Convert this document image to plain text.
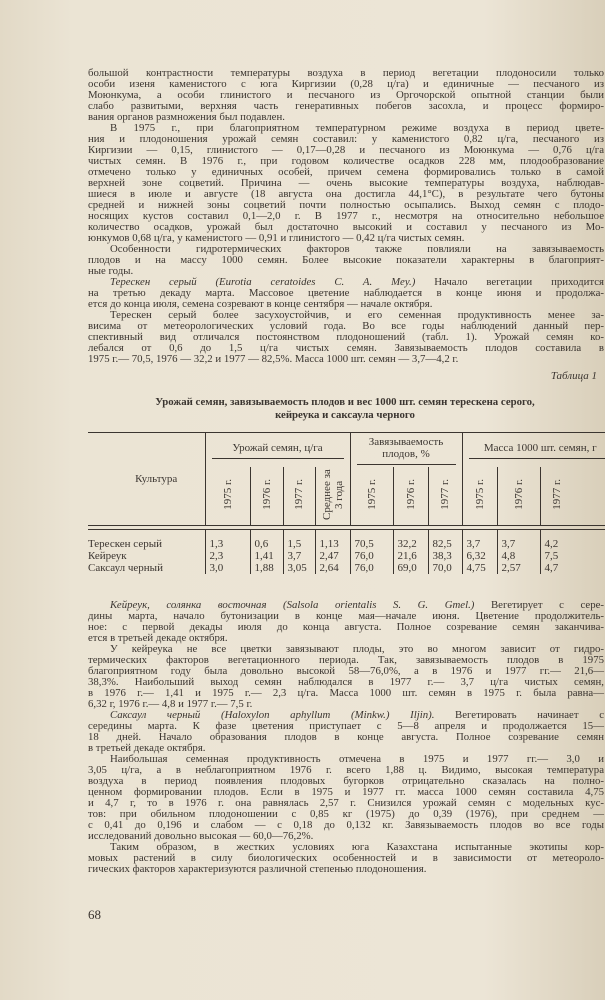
большой контрастности температуры воздуха в период вегетации плодоносили только
особи изеня каменистого с юга Киргизии (0,28 ц/га) и единичные — песчаного из
Моюнкума, а особи глинистого и песчаного из Оргочорской опытной станции были
слабо развитыми, верхняя часть генеративных побегов засохла, и процесс формиро-
вания органов размножения был подавлен.
В 1975 г., при благоприятном температурном режиме воздуха в период цвете-
ния и плодоношения урожай семян составил: у каменистого 0,82 ц/га, песчаного из
Киргизии — 0,15, глинистого — 0,17—0,28 и песчаного из Моюнкума — 0,76 ц/га
чистых семян. В 1976 г., при годовом количестве осадков 228 мм, плодообразование
отмечено только у единичных особей, причем семена формировались только в самой
верхней зоне соцветий. Причина — очень высокие температуры воздуха, наблюдав-
шиеся в июле и августе (18 августа она достигла 44,1°С), в результате чего бутоны
средней и нижней зоны соцветий почти полностью осыпались. Выход семян с плодо-
носящих кустов составил 0,1—2,0 г. В 1977 г., несмотря на относительно небольшое
количество осадков, урожай был достаточно высокий и составил у песчаного из Мо-
юнкумов 0,68 ц/га, у каменистого — 0,91 и глинистого — 0,42 ц/га чистых семян.
Особенности гидротермических факторов также повлияли на завязываемость
плодов и на массу 1000 семян. Более высокие показатели характерны в благоприят-
ные годы.
Терескен серый (Eurotia ceratoides C. A. Mey.) Начало вегетации приходится
на третью декаду марта. Массовое цветение наблюдается в конце июня и продолжа-
ется до конца июля, семена созревают в конце сентября — начале октября.
Терескен серый более засухоустойчив, и его семенная продуктивность менее за-
висима от метеорологических условий года. Во все годы наблюдений данный пер-
спективный вид отличался постоянством плодоношений (табл. 1). Урожай семян ко-
лебался от 0,6 до 1,5 ц/га чистых семян. Завязываемость плодов составила в
1975 г.— 70,5, 1976 — 32,2 и 1977 — 82,5%. Масса 1000 шт. семян — 3,7—4,2 г.
Таблица 1
Урожай семян, завязываемость плодов и вес 1000 шт. семян терескена серого,
кейреука и саксаула черного
Культура	Урожай семян, ц/га				Завязываемость плодов, %			Масса 1000 шт. семян, г		

	1975 г.	1976 г.	1977 г.	Среднее за 3 года	1975 г.	1976 г.	1977 г.	1975 г.	1976 г.	1977 г.

Терескен серый	1,3	0,6	1,5	1,13	70,5	32,2	82,5	3,7	3,7	4,2
Кейреук	2,3	1,41	3,7	2,47	76,0	21,6	38,3	6,32	4,8	7,5
Саксаул черный	3,0	1,88	3,05	2,64	76,0	69,0	70,0	4,75	2,57	4,7
Кейреук, солянка восточная (Salsola orientalis S. G. Gmel.) Вегетирует с сере-
дины марта, начало бутонизации в конце мая—начале июня. Цветение продолжитель-
ное: с первой декады июля до конца августа. Полное созревание семян заканчива-
ется в третьей декаде октября.
У кейреука не все цветки завязывают плоды, это во многом зависит от гидро-
термических факторов вегетационного периода. Так, завязываемость плодов в 1975
благоприятном году была довольно высокой 58—76,0%, а в 1976 и 1977 гг.— 21,6—
38,3%. Наибольший выход семян наблюдался в 1977 г.— 3,7 ц/га чистых семян,
в 1976 г.— 1,41 и 1975 г.— 2,3 ц/га. Масса 1000 шт. семян в 1975 г. была равна—
6,32 г, 1976 г.— 4,8 и 1977 г.— 7,5 г.
Саксаул черный (Haloxylon aphyllum (Minkw.) Iljin). Вегетировать начинает с
середины марта. К фазе цветения приступает с 5—8 апреля и продолжается 15—
18 дней. Начало образования плодов в конце августа. Полное созревание семян
в третьей декаде октября.
Наибольшая семенная продуктивность отмечена в 1975 и 1977 гг.— 3,0 и
3,05 ц/га, а в неблагоприятном 1976 г. всего 1,88 ц. Видимо, высокая температура
воздуха в период появления плодовых бугорков отрицательно сказалась на полно-
ценном формировании плодов. Если в 1975 и 1977 гг. масса 1000 семян составила 4,75
и 4,7 г, то в 1976 г. она равнялась 2,57 г. Снизился урожай семян с модельных кус-
тов: при обильном плодоношении с 0,85 кг (1975) до 0,39 (1976), при среднем —
с 0,41 до 0,196 и слабом — с 0,18 до 0,132 кг. Завязываемость плодов во все годы
исследований довольно высокая — 60,0—76,2%.
Таким образом, в жестких условиях юга Казахстана испытанные экотипы кор-
мовых растений в силу биологических особенностей и в зависимости от метеороло-
гических факторов характеризуются различной степенью плодоношения.
68
